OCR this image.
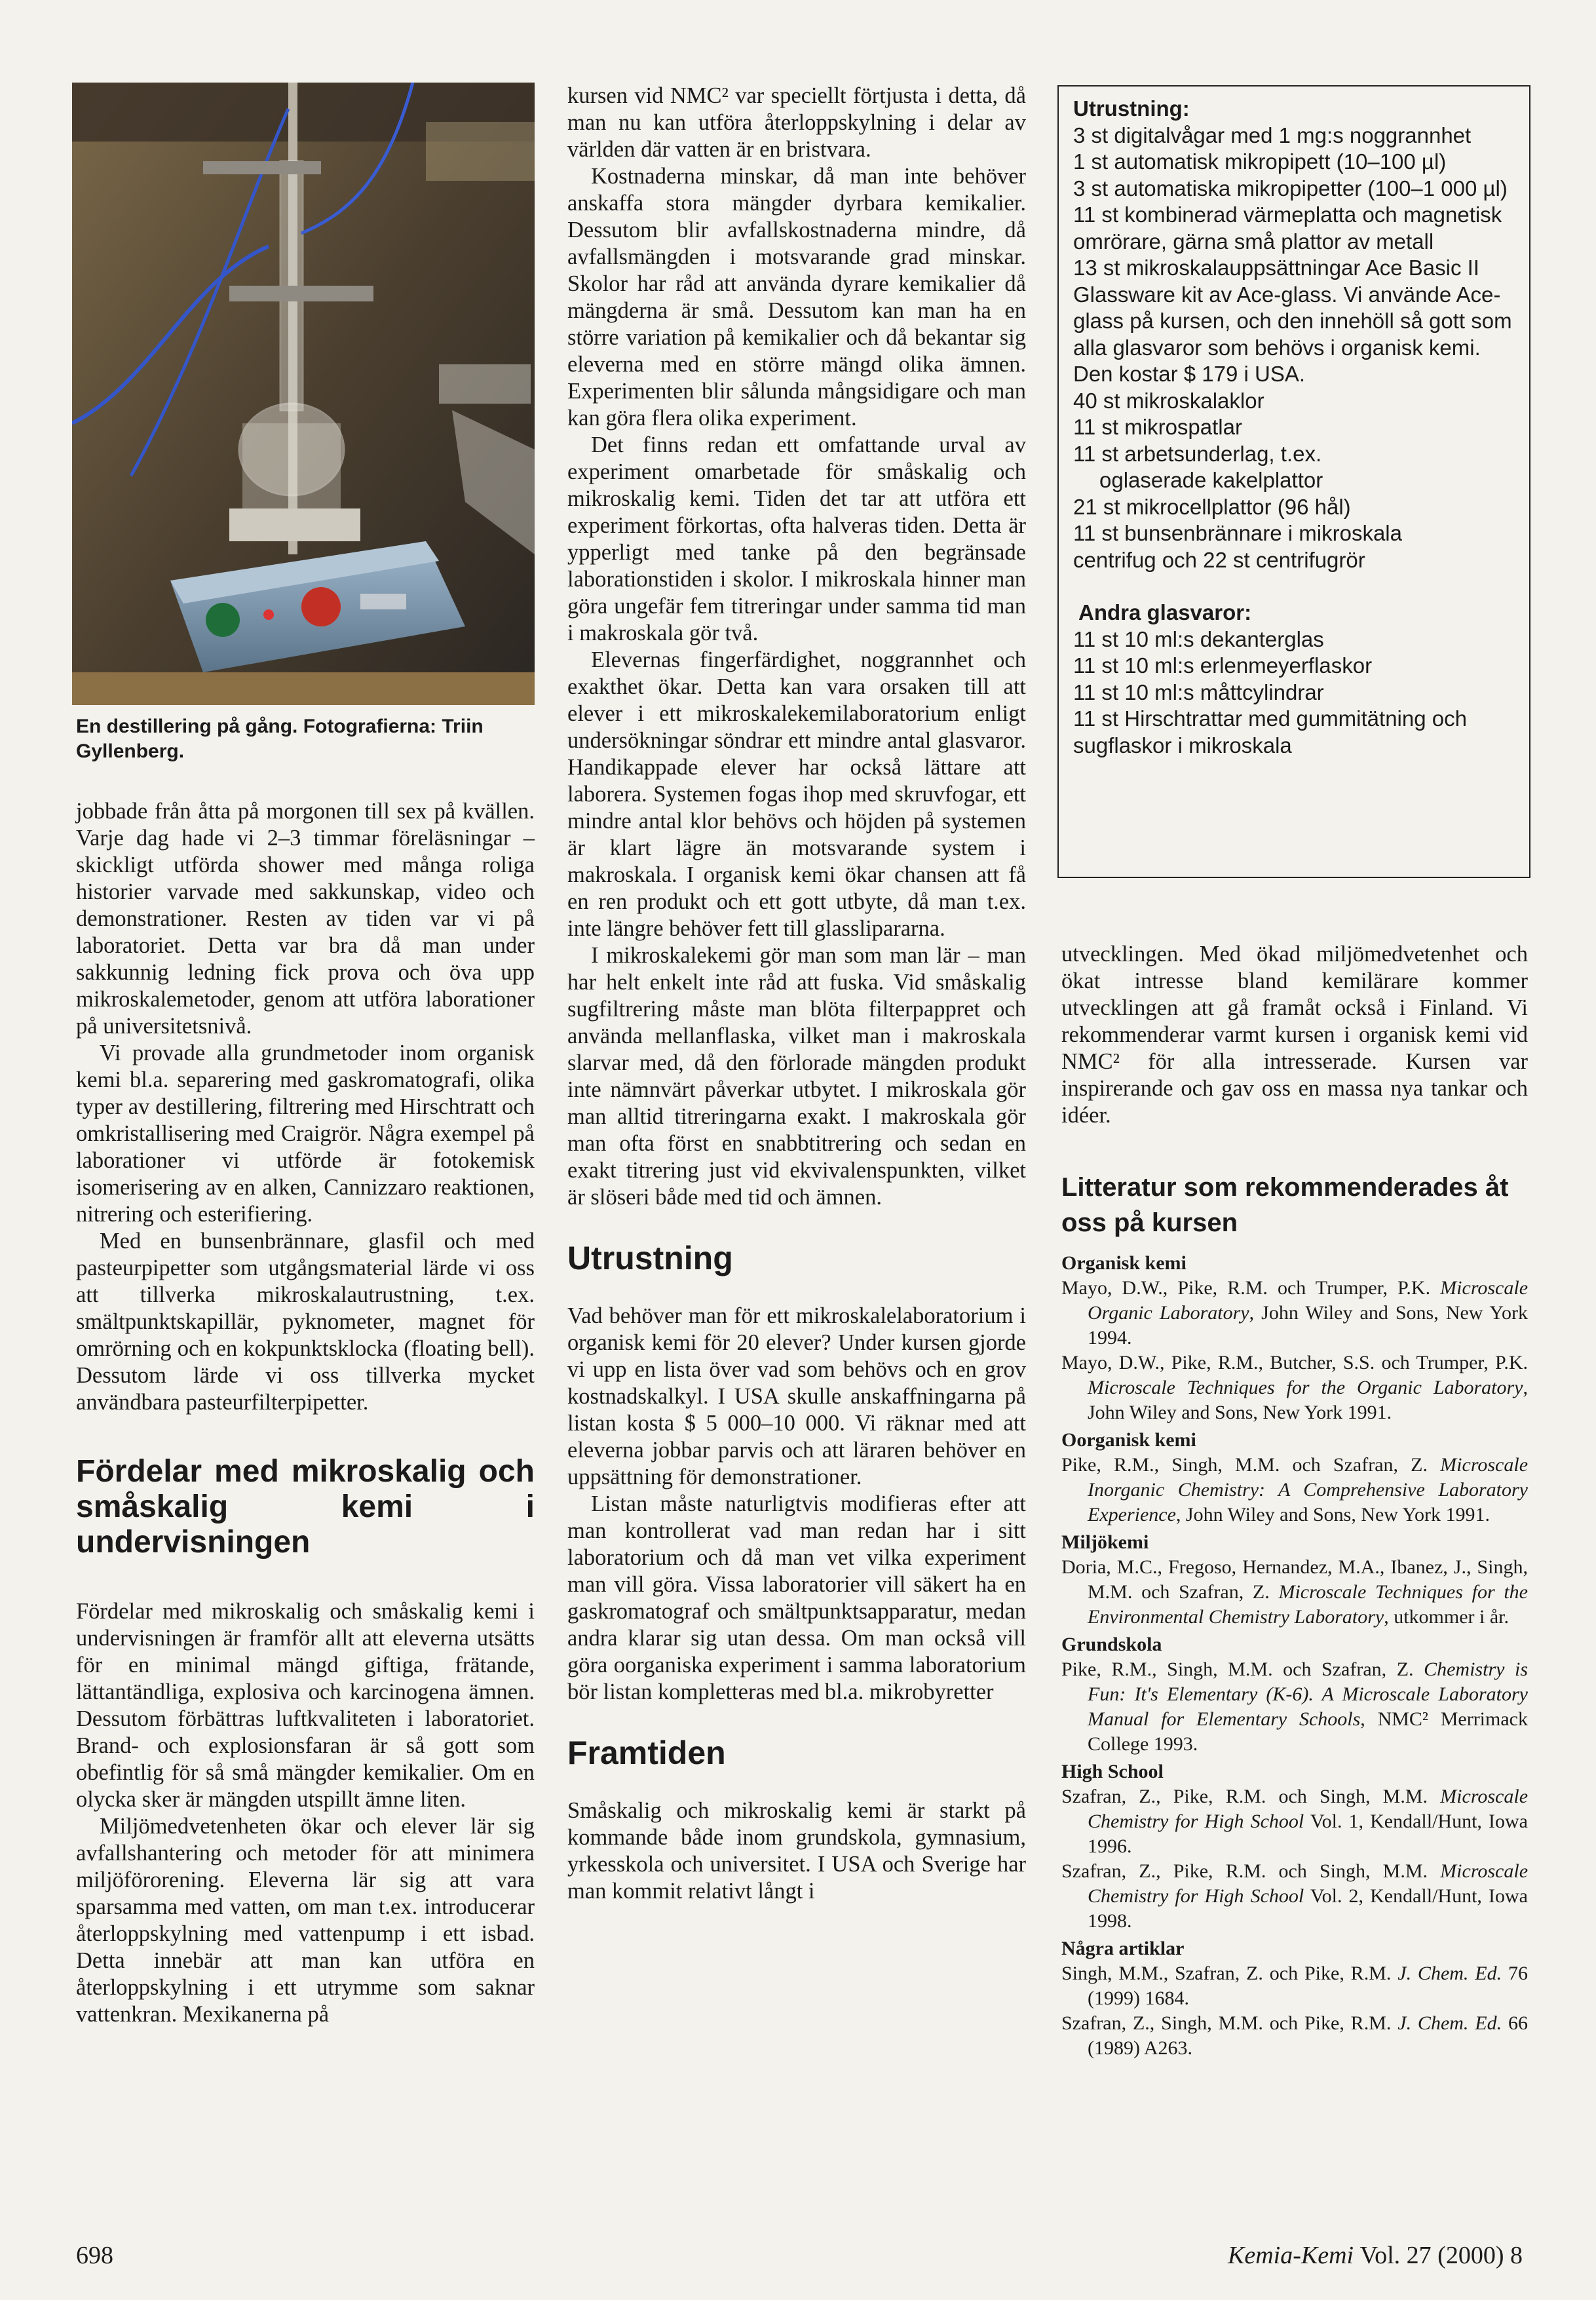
En destillering på gång. Fotografierna: Triin Gyllenberg.

jobbade från åtta på morgonen till sex på kvällen. Varje dag hade vi 2–3 timmar föreläsningar – skickligt utförda shower med många roliga historier varvade med sakkunskap, video och demonstrationer. Resten av tiden var vi på laboratoriet. Detta var bra då man under sakkunnig ledning fick prova och öva upp mikroskalemetoder, genom att utföra laborationer på universitetsnivå.

Vi provade alla grundmetoder inom organisk kemi bl.a. separering med gaskromatografi, olika typer av destillering, filtrering med Hirschtratt och omkristallisering med Craigrör. Några exempel på laborationer vi utförde är fotokemisk isomerisering av en alken, Cannizzaro reaktionen, nitrering och esterifiering.

Med en bunsenbrännare, glasfil och med pasteurpipetter som utgångsmaterial lärde vi oss att tillverka mikroskalautrustning, t.ex. smältpunktskapillär, pyknometer, magnet för omrörning och en kokpunktsklocka (floating bell). Dessutom lärde vi oss tillverka mycket användbara pasteurfilterpipetter.

Fördelar med mikroskalig och småskalig kemi i undervisningen

Fördelar med mikroskalig och småskalig kemi i undervisningen är framför allt att eleverna utsätts för en minimal mängd giftiga, frätande, lättantändliga, explosiva och karcinogena ämnen. Dessutom förbättras luftkvaliteten i laboratoriet. Brand- och explosionsfaran är så gott som obefintlig för så små mängder kemikalier. Om en olycka sker är mängden utspillt ämne liten.

Miljömedvetenheten ökar och elever lär sig avfallshantering och metoder för att minimera miljöförorening. Eleverna lär sig att vara sparsamma med vatten, om man t.ex. introducerar återloppskylning med vattenpump i ett isbad. Detta innebär att man kan utföra en återloppskylning i ett utrymme som saknar vattenkran. Mexikanerna på

kursen vid NMC² var speciellt förtjusta i detta, då man nu kan utföra återloppskylning i delar av världen där vatten är en bristvara.

Kostnaderna minskar, då man inte behöver anskaffa stora mängder dyrbara kemikalier. Dessutom blir avfallskostnaderna mindre, då avfallsmängden i motsvarande grad minskar. Skolor har råd att använda dyrare kemikalier då mängderna är små. Dessutom kan man ha en större variation på kemikalier och då bekantar sig eleverna med en större mängd olika ämnen. Experimenten blir sålunda mångsidigare och man kan göra flera olika experiment.

Det finns redan ett omfattande urval av experiment omarbetade för småskalig och mikroskalig kemi. Tiden det tar att utföra ett experiment förkortas, ofta halveras tiden. Detta är ypperligt med tanke på den begränsade laborationstiden i skolor. I mikroskala hinner man göra ungefär fem titreringar under samma tid man i makroskala gör två.

Elevernas fingerfärdighet, noggrannhet och exakthet ökar. Detta kan vara orsaken till att elever i ett mikroskalekemilaboratorium enligt undersökningar söndrar ett mindre antal glasvaror. Handikappade elever har också lättare att laborera. Systemen fogas ihop med skruvfogar, ett mindre antal klor behövs och höjden på systemen är klart lägre än motsvarande system i makroskala. I organisk kemi ökar chansen att få en ren produkt och ett gott utbyte, då man t.ex. inte längre behöver fett till glasslipararna.

I mikroskalekemi gör man som man lär – man har helt enkelt inte råd att fuska. Vid småskalig sugfiltrering måste man blöta filterpappret och använda mellanflaska, vilket man i makroskala slarvar med, då den förlorade mängden produkt inte nämnvärt påverkar utbytet. I mikroskala gör man alltid titreringarna exakt. I makroskala gör man ofta först en snabbtitrering och sedan en exakt titrering just vid ekvivalenspunkten, vilket är slöseri både med tid och ämnen.

Utrustning

Vad behöver man för ett mikroskalelaboratorium i organisk kemi för 20 elever? Under kursen gjorde vi upp en lista över vad som behövs och en grov kostnadskalkyl. I USA skulle anskaffningarna på listan kosta $ 5 000–10 000. Vi räknar med att eleverna jobbar parvis och att läraren behöver en uppsättning för demonstrationer.

Listan måste naturligtvis modifieras efter att man kontrollerat vad man redan har i sitt laboratorium och då man vet vilka experiment man vill göra. Vissa laboratorier vill säkert ha en gaskromatograf och smältpunktsapparatur, medan andra klarar sig utan dessa. Om man också vill göra oorganiska experiment i samma laboratorium bör listan kompletteras med bl.a. mikrobyretter

Framtiden

Småskalig och mikroskalig kemi är starkt på kommande både inom grundskola, gymnasium, yrkesskola och universitet. I USA och Sverige har man kommit relativt långt i

Utrustning:
3 st digitalvågar med 1 mg:s noggrannhet
1 st automatisk mikropipett (10–100 µl)
3 st automatiska mikropipetter (100–1 000 µl)
11 st kombinerad värmeplatta och magnetisk omrörare, gärna små plattor av metall
13 st mikroskalauppsättningar Ace Basic II Glassware kit av Ace-glass. Vi använde Ace-glass på kursen, och den innehöll så gott som alla glasvaror som behövs i organisk kemi. Den kostar $ 179 i USA.
40 st mikroskalaklor
11 st mikrospatlar
11 st arbetsunderlag, t.ex.
oglaserade kakelplattor
21 st mikrocellplattor (96 hål)
11 st bunsenbrännare i mikroskala
centrifug och 22 st centrifugrör
Andra glasvaror:
11 st 10 ml:s dekanterglas
11 st 10 ml:s erlenmeyerflaskor
11 st 10 ml:s måttcylindrar
11 st Hirschtrattar med gummitätning och sugflaskor i mikroskala

utvecklingen. Med ökad miljömedvetenhet och ökat intresse bland kemilärare kommer utvecklingen att gå framåt också i Finland. Vi rekommenderar varmt kursen i organisk kemi vid NMC² för alla intresserade. Kursen var inspirerande och gav oss en massa nya tankar och idéer.

Litteratur som rekommenderades åt oss på kursen
Organisk kemi
Mayo, D.W., Pike, R.M. och Trumper, P.K. Microscale Organic Laboratory, John Wiley and Sons, New York 1994.
Mayo, D.W., Pike, R.M., Butcher, S.S. och Trumper, P.K. Microscale Techniques for the Organic Laboratory, John Wiley and Sons, New York 1991.
Oorganisk kemi
Pike, R.M., Singh, M.M. och Szafran, Z. Microscale Inorganic Chemistry: A Comprehensive Laboratory Experience, John Wiley and Sons, New York 1991.
Miljökemi
Doria, M.C., Fregoso, Hernandez, M.A., Ibanez, J., Singh, M.M. och Szafran, Z. Microscale Techniques for the Environmental Chemistry Laboratory, utkommer i år.
Grundskola
Pike, R.M., Singh, M.M. och Szafran, Z. Chemistry is Fun: It's Elementary (K-6). A Microscale Laboratory Manual for Elementary Schools, NMC² Merrimack College 1993.
High School
Szafran, Z., Pike, R.M. och Singh, M.M. Microscale Chemistry for High School Vol. 1, Kendall/Hunt, Iowa 1996.
Szafran, Z., Pike, R.M. och Singh, M.M. Microscale Chemistry for High School Vol. 2, Kendall/Hunt, Iowa 1998.
Några artiklar
Singh, M.M., Szafran, Z. och Pike, R.M. J. Chem. Ed. 76 (1999) 1684.
Szafran, Z., Singh, M.M. och Pike, R.M. J. Chem. Ed. 66 (1989) A263.
698	Kemia-Kemi Vol. 27 (2000) 8
